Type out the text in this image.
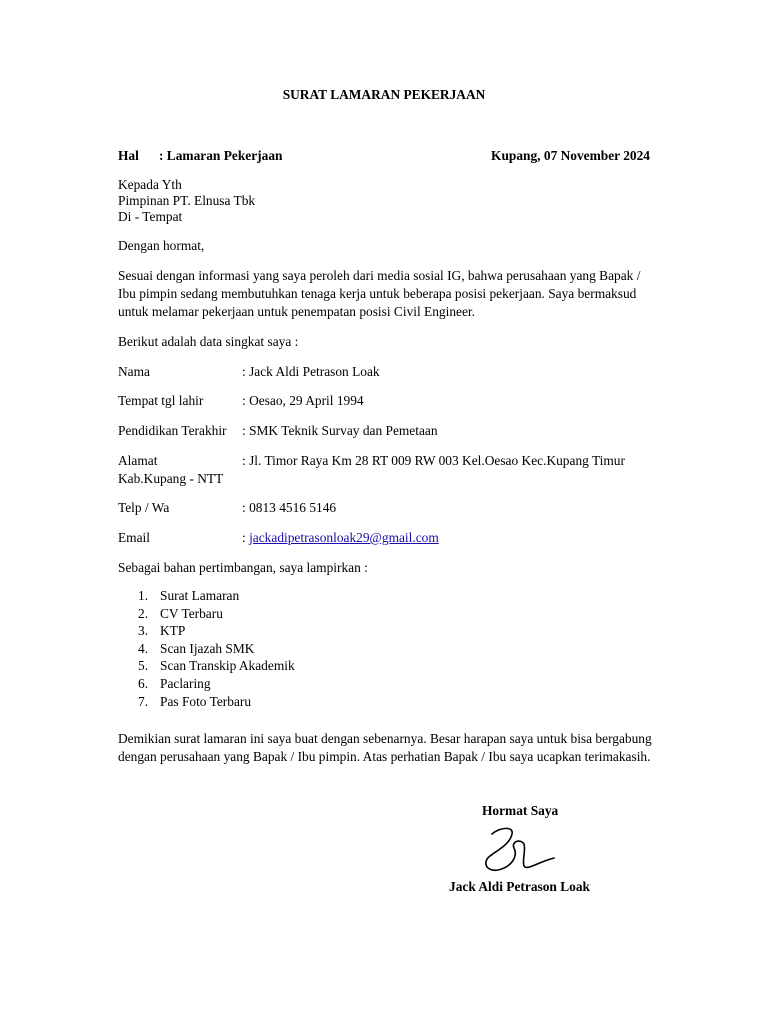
SURAT LAMARAN PEKERJAAN
Hal : Lamaran Pekerjaan	Kupang, 07 November 2024
Kepada Yth
Pimpinan PT. Elnusa Tbk
Di - Tempat
Dengan hormat,
Sesuai dengan informasi yang saya peroleh dari media sosial IG, bahwa perusahaan yang Bapak / Ibu pimpin sedang membutuhkan tenaga kerja untuk beberapa posisi pekerjaan. Saya bermaksud untuk melamar pekerjaan untuk penempatan posisi Civil Engineer.
Berikut adalah data singkat saya :
Nama	: Jack Aldi Petrason Loak
Tempat tgl lahir	: Oesao, 29 April 1994
Pendidikan Terakhir : SMK Teknik Survay dan Pemetaan
Alamat	: Jl. Timor Raya Km 28 RT 009 RW 003 Kel.Oesao Kec.Kupang Timur
Kab.Kupang - NTT
Telp / Wa	: 0813 4516 5146
Email	: jackadipetrasonloak29@gmail.com
Sebagai bahan pertimbangan, saya lampirkan :
1. Surat Lamaran
2. CV Terbaru
3. KTP
4. Scan Ijazah SMK
5. Scan Transkip Akademik
6. Paclaring
7. Pas Foto Terbaru
Demikian surat lamaran ini saya buat dengan sebenarnya. Besar harapan saya untuk bisa bergabung dengan perusahaan yang Bapak / Ibu pimpin. Atas perhatian Bapak / Ibu saya ucapkan terimakasih.
Hormat Saya
Jack Aldi Petrason Loak
